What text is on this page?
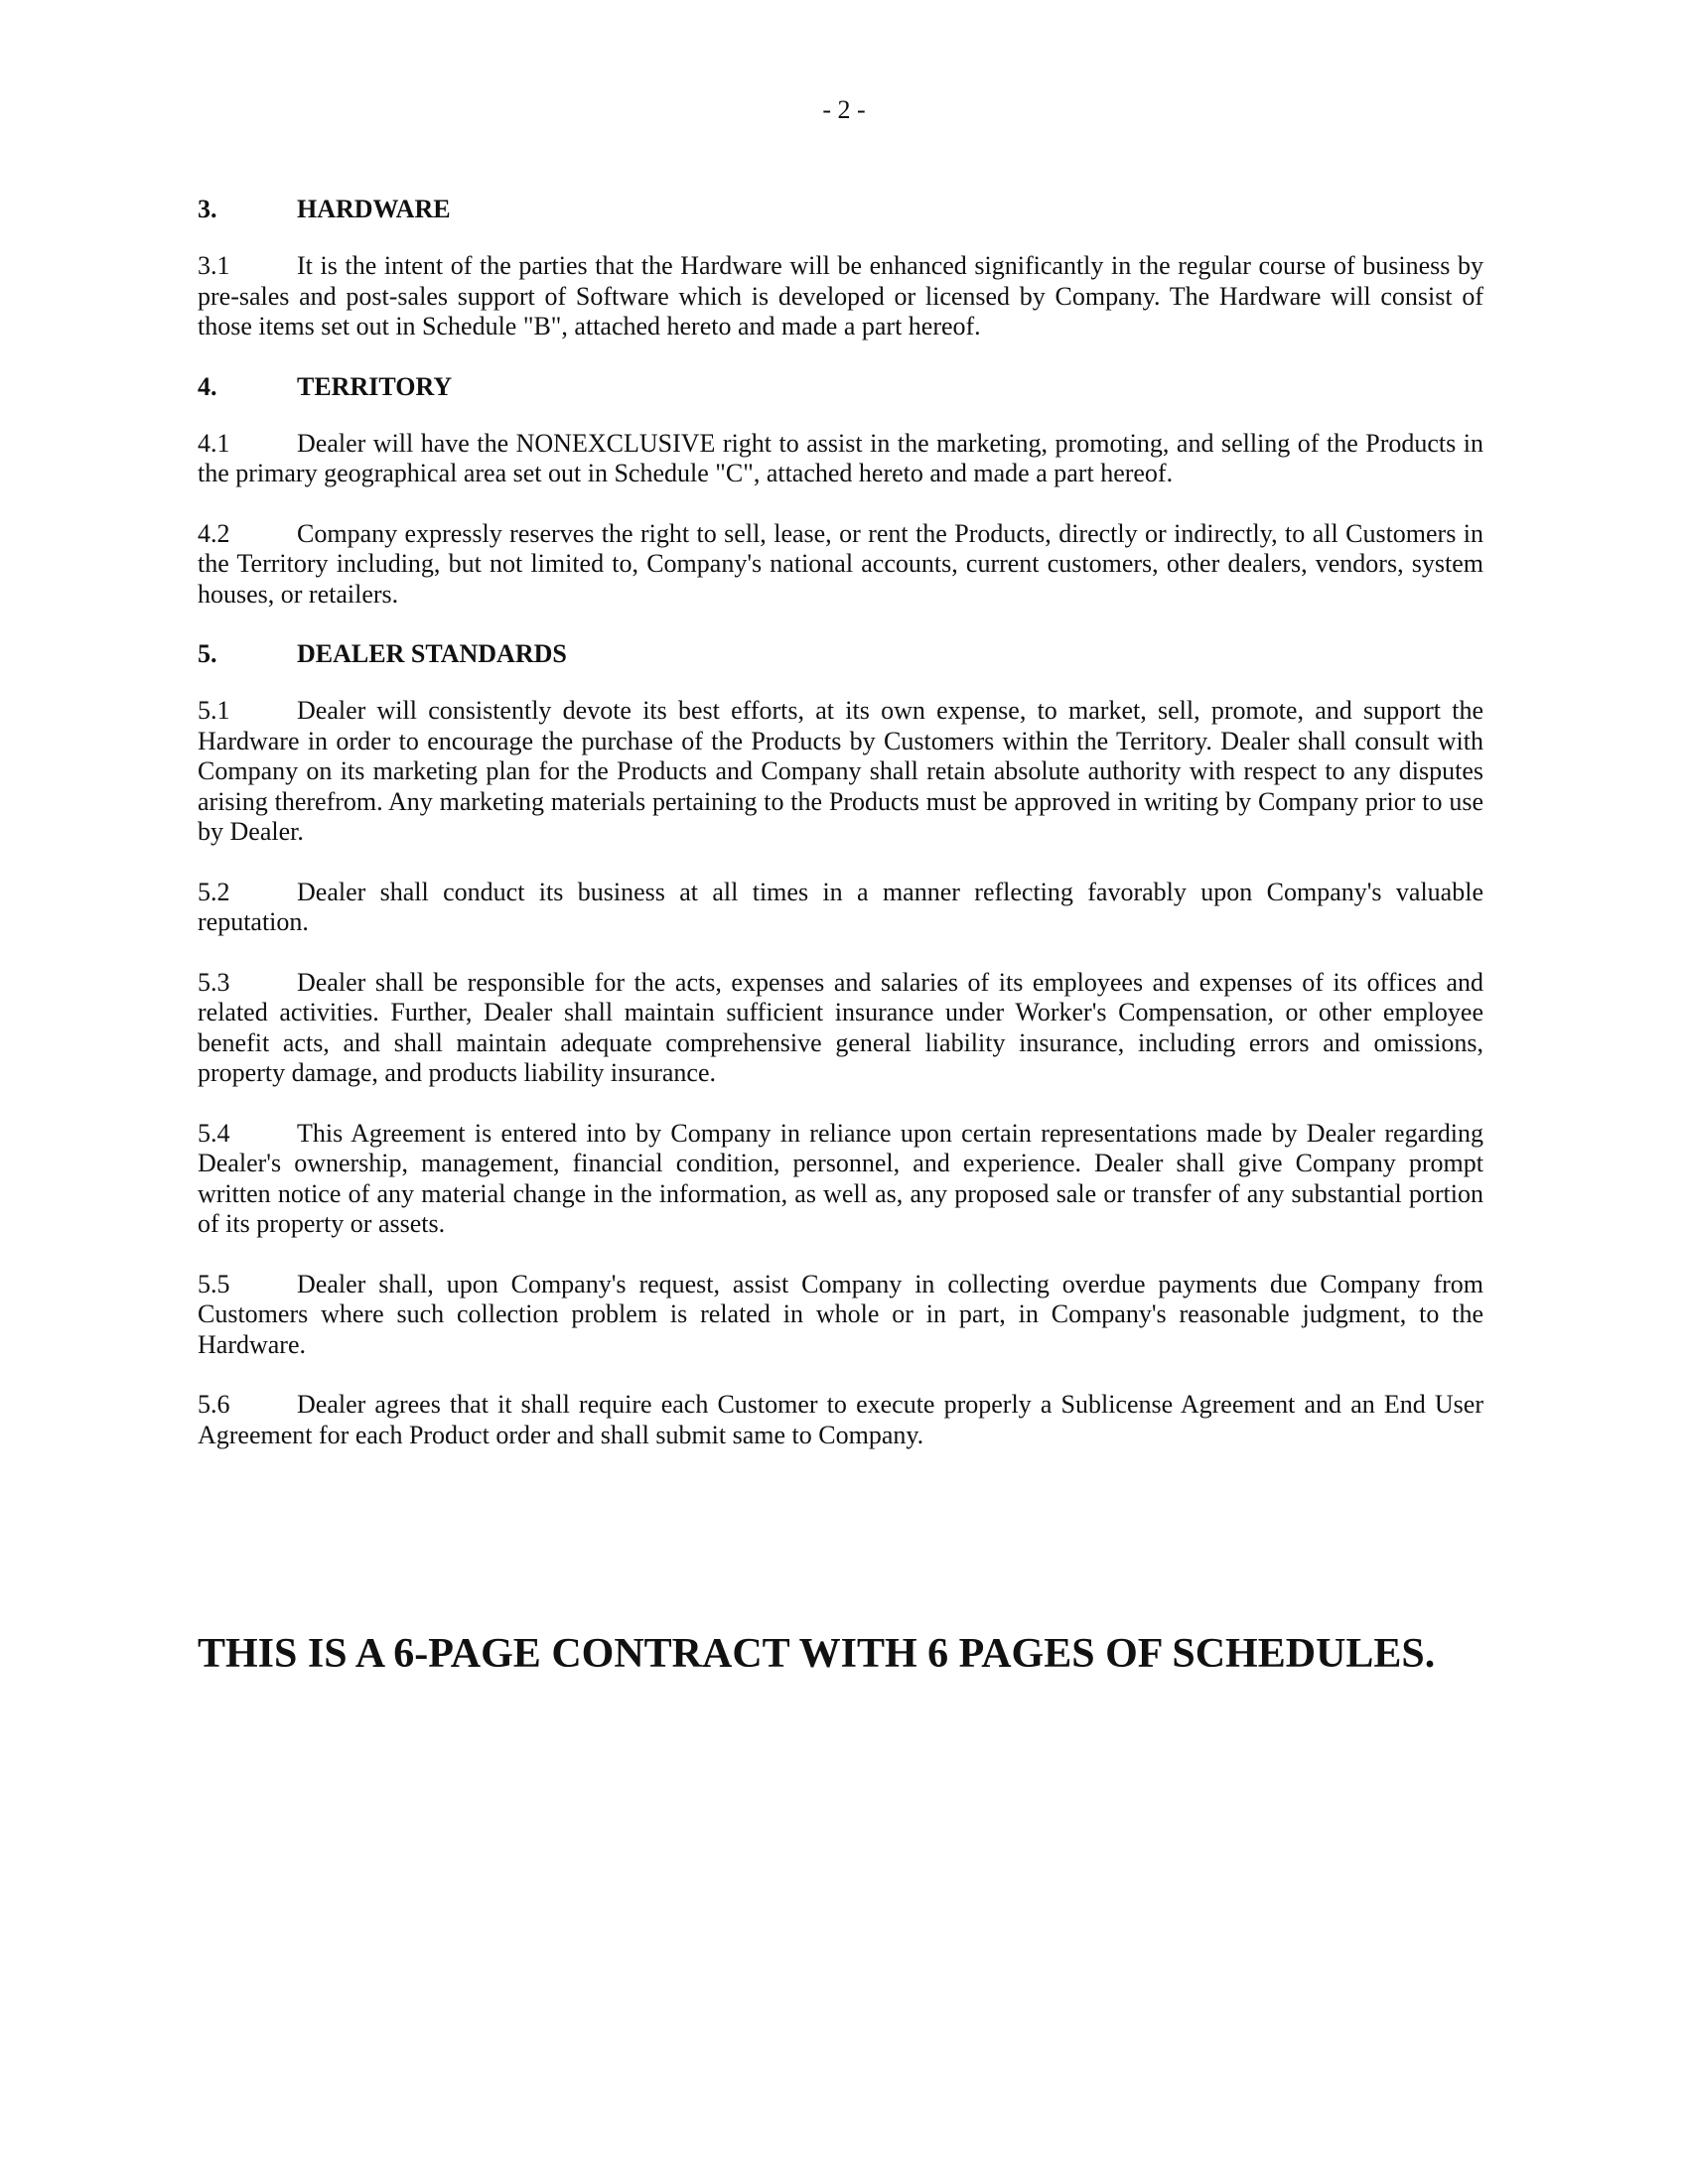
- 2 -
3.	HARDWARE

3.1	It is the intent of the parties that the Hardware will be enhanced significantly in the regular course of business by pre-sales and post-sales support of Software which is developed or licensed by Company. The Hardware will consist of those items set out in Schedule "B", attached hereto and made a part hereof.

4.	TERRITORY

4.1	Dealer will have the NONEXCLUSIVE right to assist in the marketing, promoting, and selling of the Products in the primary geographical area set out in Schedule "C", attached hereto and made a part hereof.

4.2	Company expressly reserves the right to sell, lease, or rent the Products, directly or indirectly, to all Customers in the Territory including, but not limited to, Company's national accounts, current customers, other dealers, vendors, system houses, or retailers.

5.	DEALER STANDARDS

5.1	Dealer will consistently devote its best efforts, at its own expense, to market, sell, promote, and support the Hardware in order to encourage the purchase of the Products by Customers within the Territory. Dealer shall consult with Company on its marketing plan for the Products and Company shall retain absolute authority with respect to any disputes arising therefrom. Any marketing materials pertaining to the Products must be approved in writing by Company prior to use by Dealer.

5.2	Dealer shall conduct its business at all times in a manner reflecting favorably upon Company's valuable reputation.

5.3	Dealer shall be responsible for the acts, expenses and salaries of its employees and expenses of its offices and related activities. Further, Dealer shall maintain sufficient insurance under Worker's Compensation, or other employee benefit acts, and shall maintain adequate comprehensive general liability insurance, including errors and omissions, property damage, and products liability insurance.

5.4	This Agreement is entered into by Company in reliance upon certain representations made by Dealer regarding Dealer's ownership, management, financial condition, personnel, and experience. Dealer shall give Company prompt written notice of any material change in the information, as well as, any proposed sale or transfer of any substantial portion of its property or assets.

5.5	Dealer shall, upon Company's request, assist Company in collecting overdue payments due Company from Customers where such collection problem is related in whole or in part, in Company's reasonable judgment, to the Hardware.

5.6	Dealer agrees that it shall require each Customer to execute properly a Sublicense Agreement and an End User Agreement for each Product order and shall submit same to Company.

THIS IS A 6-PAGE CONTRACT WITH 6 PAGES OF SCHEDULES.
